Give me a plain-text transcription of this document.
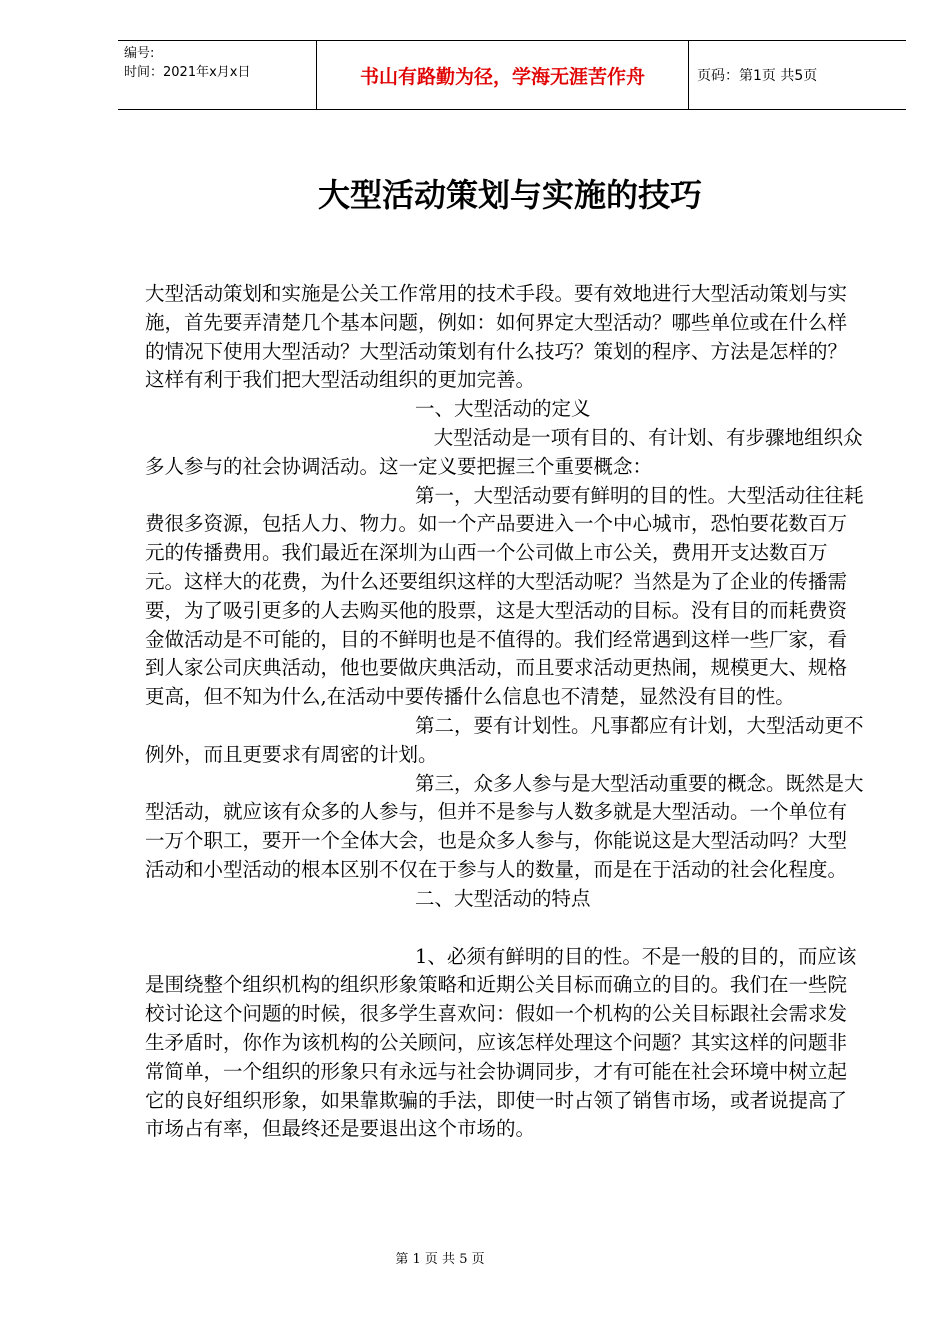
编号:
时间：2021年x月x日	书山有路勤为径，学海无涯苦作舟	页码：第1页 共5页
大型活动策划与实施的技巧

大型活动策划和实施是公关工作常用的技术手段。要有效地进行大型活动策划与实施，首先要弄清楚几个基本问题，例如：如何界定大型活动？哪些单位或在什么样的情况下使用大型活动？大型活动策划有什么技巧？策划的程序、方法是怎样的？这样有利于我们把大型活动组织的更加完善。

一、大型活动的定义

大型活动是一项有目的、有计划、有步骤地组织众多人参与的社会协调活动。这一定义要把握三个重要概念：

第一，大型活动要有鲜明的目的性。大型活动往往耗费很多资源，包括人力、物力。如一个产品要进入一个中心城市，恐怕要花数百万元的传播费用。我们最近在深圳为山西一个公司做上市公关，费用开支达数百万元。这样大的花费，为什么还要组织这样的大型活动呢？当然是为了企业的传播需要，为了吸引更多的人去购买他的股票，这是大型活动的目标。没有目的而耗费资金做活动是不可能的，目的不鲜明也是不值得的。我们经常遇到这样一些厂家，看到人家公司庆典活动，他也要做庆典活动，而且要求活动更热闹，规模更大、规格更高，但不知为什么,在活动中要传播什么信息也不清楚，显然没有目的性。

第二，要有计划性。凡事都应有计划，大型活动更不例外，而且更要求有周密的计划。

第三，众多人参与是大型活动重要的概念。既然是大型活动，就应该有众多的人参与，但并不是参与人数多就是大型活动。一个单位有一万个职工，要开一个全体大会，也是众多人参与，你能说这是大型活动吗？大型活动和小型活动的根本区别不仅在于参与人的数量，而是在于活动的社会化程度。

二、大型活动的特点

1、必须有鲜明的目的性。不是一般的目的，而应该是围绕整个组织机构的组织形象策略和近期公关目标而确立的目的。我们在一些院校讨论这个问题的时候，很多学生喜欢问：假如一个机构的公关目标跟社会需求发生矛盾时，你作为该机构的公关顾问，应该怎样处理这个问题？其实这样的问题非常简单，一个组织的形象只有永远与社会协调同步，才有可能在社会环境中树立起它的良好组织形象，如果靠欺骗的手法，即使一时占领了销售市场，或者说提高了市场占有率，但最终还是要退出这个市场的。

第 1 页 共 5 页
